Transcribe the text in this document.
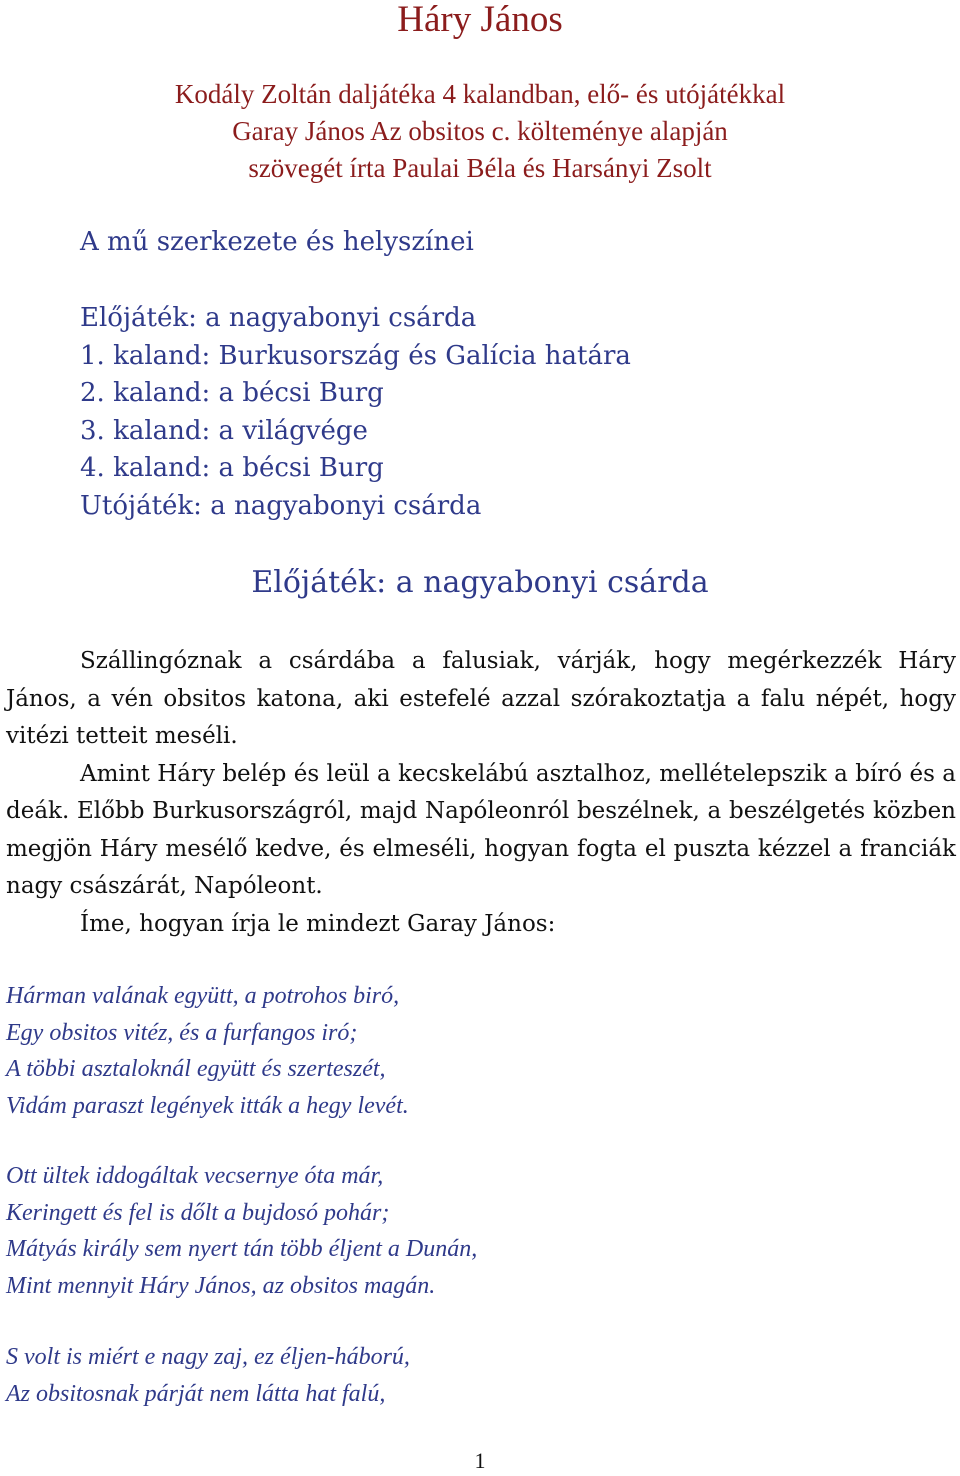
Háry János
Kodály Zoltán daljátéka 4 kalandban, elő- és utójátékkal
Garay János Az obsitos c. költeménye alapján
szövegét írta Paulai Béla és Harsányi Zsolt
A mű szerkezete és helyszínei
Előjáték: a nagyabonyi csárda
1. kaland: Burkusország és Galícia határa
2. kaland: a bécsi Burg
3. kaland: a világvége
4. kaland: a bécsi Burg
Utójáték: a nagyabonyi csárda
Előjáték: a nagyabonyi csárda

Szállingóznak a csárdába a falusiak, várják, hogy megérkezzék Háry János, a vén obsitos katona, aki estefelé azzal szórakoztatja a falu népét, hogy vitézi tetteit meséli.

Amint Háry belép és leül a kecskelábú asztalhoz, mellételepszik a bíró és a deák. Előbb Burkusországról, majd Napóleonról beszélnek, a beszélgetés közben megjön Háry mesélő kedve, és elmeséli, hogyan fogta el puszta kézzel a franciák nagy császárát, Napóleont.

Íme, hogyan írja le mindezt Garay János:

Hárman valának együtt, a potrohos biró,
Egy obsitos vitéz, és a furfangos iró;
A többi asztaloknál együtt és szerteszét,
Vidám paraszt legények itták a hegy levét.
Ott ültek iddogáltak vecsernye óta már,
Keringett és fel is dőlt a bujdosó pohár;
Mátyás király sem nyert tán több éljent a Dunán,
Mint mennyit Háry János, az obsitos magán.
S volt is miért e nagy zaj, ez éljen-háború,
Az obsitosnak párját nem látta hat falú,
1
